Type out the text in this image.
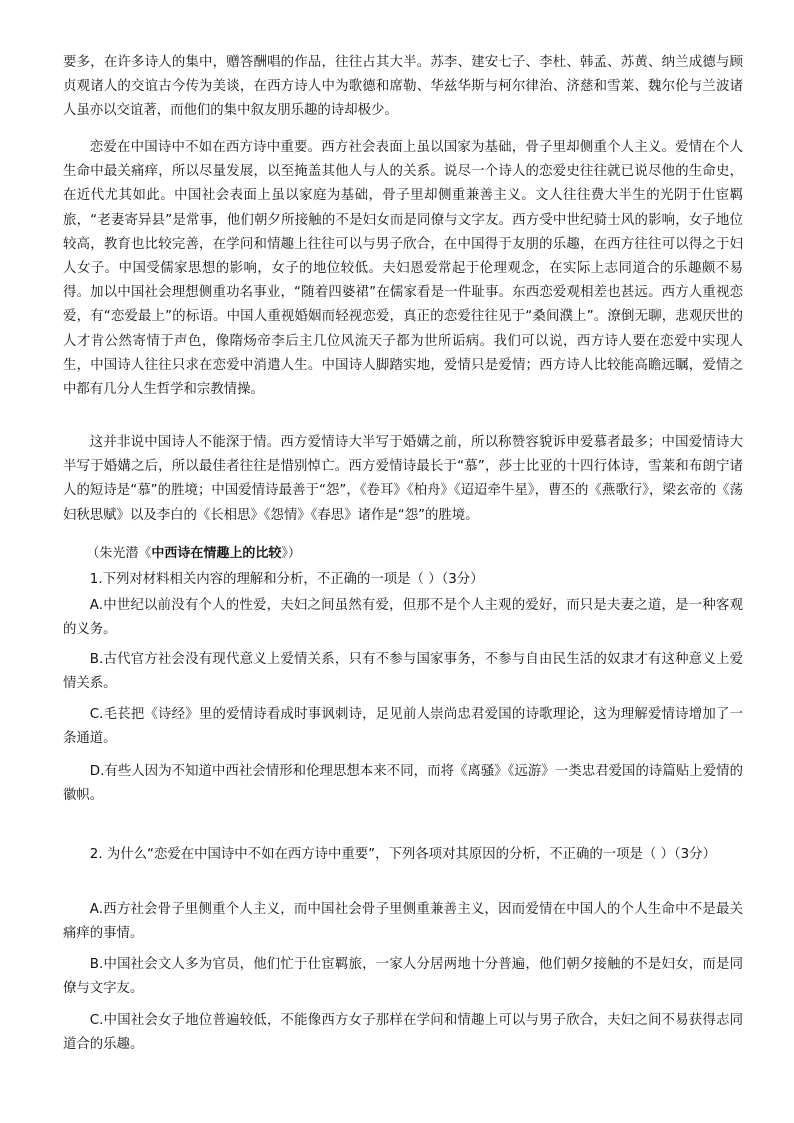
要多，在许多诗人的集中，赠答酬唱的作品，往往占其大半。苏李、建安七子、李杜、韩孟、苏黄、纳兰成德与顾贞观诸人的交谊古今传为美谈，在西方诗人中为歌德和席勒、华兹华斯与柯尔律治、济慈和雪莱、魏尔伦与兰波诸人虽亦以交谊著，而他们的集中叙友朋乐趣的诗却极少。

恋爱在中国诗中不如在西方诗中重要。西方社会表面上虽以国家为基础，骨子里却侧重个人主义。爱情在个人生命中最关痛痒，所以尽量发展，以至掩盖其他人与人的关系。说尽一个诗人的恋爱史往往就已说尽他的生命史，在近代尤其如此。中国社会表面上虽以家庭为基础，骨子里却侧重兼善主义。文人往往费大半生的光阴于仕宦羁旅，“老妻寄异县”是常事，他们朝夕所接触的不是妇女而是同僚与文字友。西方受中世纪骑士风的影响，女子地位较高，教育也比较完善，在学问和情趣上往往可以与男子欣合，在中国得于友朋的乐趣，在西方往往可以得之于妇人女子。中国受儒家思想的影响，女子的地位较低。夫妇恩爱常起于伦理观念，在实际上志同道合的乐趣颇不易得。加以中国社会理想侧重功名事业，“随着四婆裙”在儒家看是一件耻事。东西恋爱观相差也甚远。西方人重视恋爱，有“恋爱最上”的标语。中国人重视婚姻而轻视恋爱，真正的恋爱往往见于“桑间濮上”。潦倒无聊，悲观厌世的人才肯公然寄情于声色，像隋炀帝李后主几位风流天子都为世所诟病。我们可以说，西方诗人要在恋爱中实现人生，中国诗人往往只求在恋爱中消遣人生。中国诗人脚踏实地，爱情只是爱情；西方诗人比较能高瞻远瞩，爱情之中都有几分人生哲学和宗教情操。

这并非说中国诗人不能深于情。西方爱情诗大半写于婚媾之前，所以称赞容貌诉申爱慕者最多；中国爱情诗大半写于婚媾之后，所以最佳者往往是惜别悼亡。西方爱情诗最长于“慕”，莎士比亚的十四行体诗，雪莱和布朗宁诸人的短诗是“慕”的胜境；中国爱情诗最善于“怨”，《卷耳》《柏舟》《迢迢牵牛星》，曹丕的《燕歌行》，梁玄帝的《荡妇秋思赋》以及李白的《长相思》《怨情》《春思》诸作是“怨”的胜境。

（朱光潜《中西诗在情趣上的比较》）

1.下列对材料相关内容的理解和分析，不正确的一项是（ ）（3分）

A.中世纪以前没有个人的性爱，夫妇之间虽然有爱，但那不是个人主观的爱好，而只是夫妻之道，是一种客观的义务。

B.古代官方社会没有现代意义上爱情关系，只有不参与国家事务，不参与自由民生活的奴隶才有这种意义上爱情关系。

C.毛苌把《诗经》里的爱情诗看成时事讽刺诗，足见前人崇尚忠君爱国的诗歌理论，这为理解爱情诗增加了一条通道。

D.有些人因为不知道中西社会情形和伦理思想本来不同，而将《离骚》《远游》一类忠君爱国的诗篇贴上爱情的徽帜。

2. 为什么“恋爱在中国诗中不如在西方诗中重要”，下列各项对其原因的分析，不正确的一项是（ ）（3分）

A.西方社会骨子里侧重个人主义，而中国社会骨子里侧重兼善主义，因而爱情在中国人的个人生命中不是最关痛痒的事情。

B.中国社会文人多为官员，他们忙于仕宦羁旅，一家人分居两地十分普遍，他们朝夕接触的不是妇女，而是同僚与文字友。

C.中国社会女子地位普遍较低，不能像西方女子那样在学问和情趣上可以与男子欣合，夫妇之间不易获得志同道合的乐趣。
